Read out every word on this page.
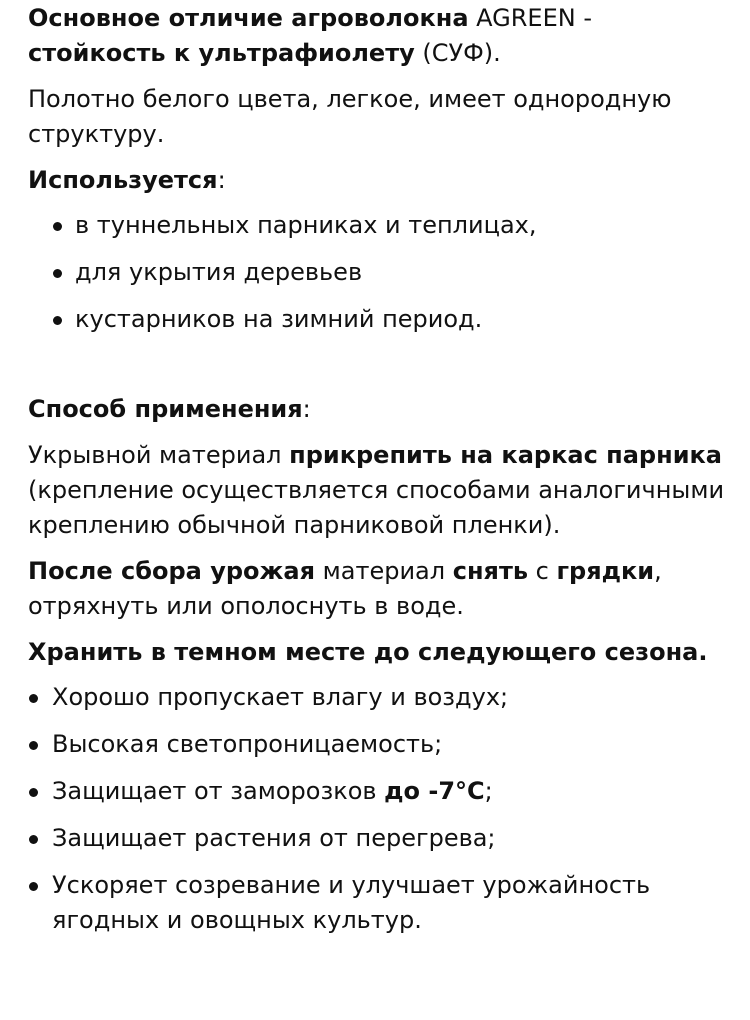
Основное отличие агроволокна AGREEN - стойкость к ультрафиолету (СУФ).

Полотно белого цвета, легкое, имеет однородную структуру.

Используется:

в туннельных парниках и теплицах,
для укрытия деревьев
кустарников на зимний период.

Способ применения:

Укрывной материал прикрепить на каркас парника (крепление осуществляется способами аналогичными креплению обычной парниковой пленки).

После сбора урожая материал снять с грядки, отряхнуть или ополоснуть в воде.

Хранить в темном месте до следующего сезона.

Хорошо пропускает влагу и воздух;
Высокая светопроницаемость;
Защищает от заморозков до -7°C;
Защищает растения от перегрева;
Ускоряет созревание и улучшает урожайность ягодных и овощных культур.
